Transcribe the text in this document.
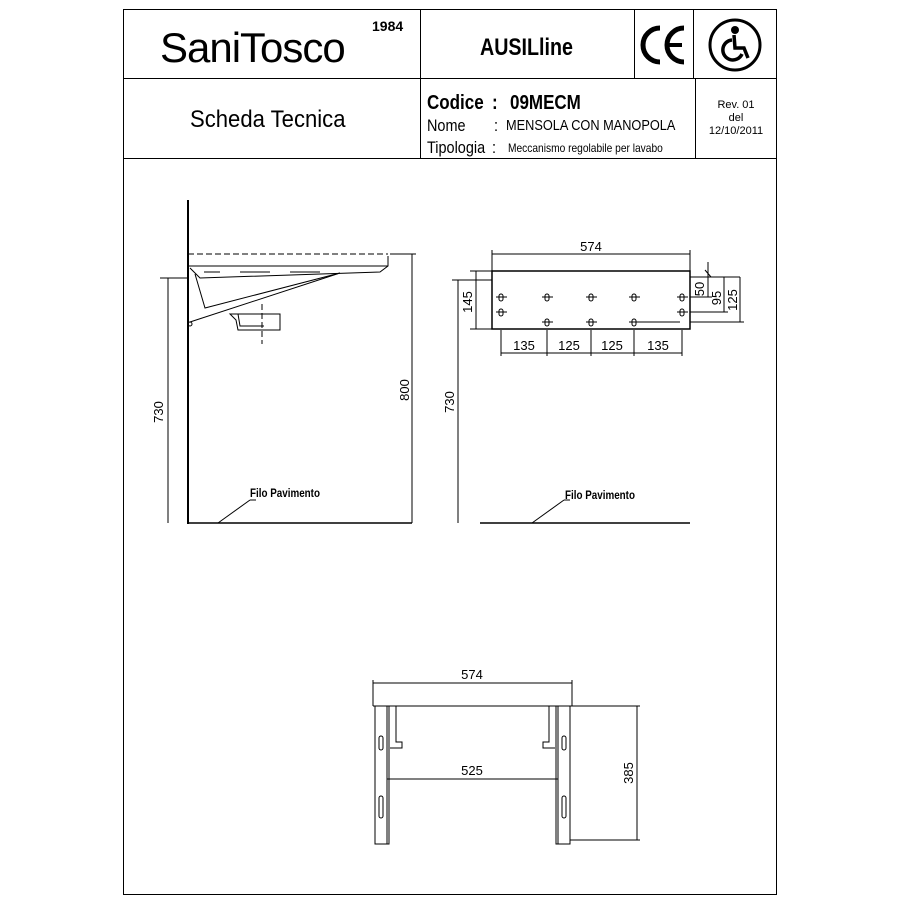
SaniTosco 1984
AUSILline
Scheda Tecnica
Codice : 09MECM
Nome : MENSOLA CON MANOPOLA
Tipologia : Meccanismo regolabile per lavabo
Rev. 01
del
12/10/2011
730
800
Filo Pavimento
574
145
50
95 125
135 125 125 135
730
Filo Pavimento
574
525	385
